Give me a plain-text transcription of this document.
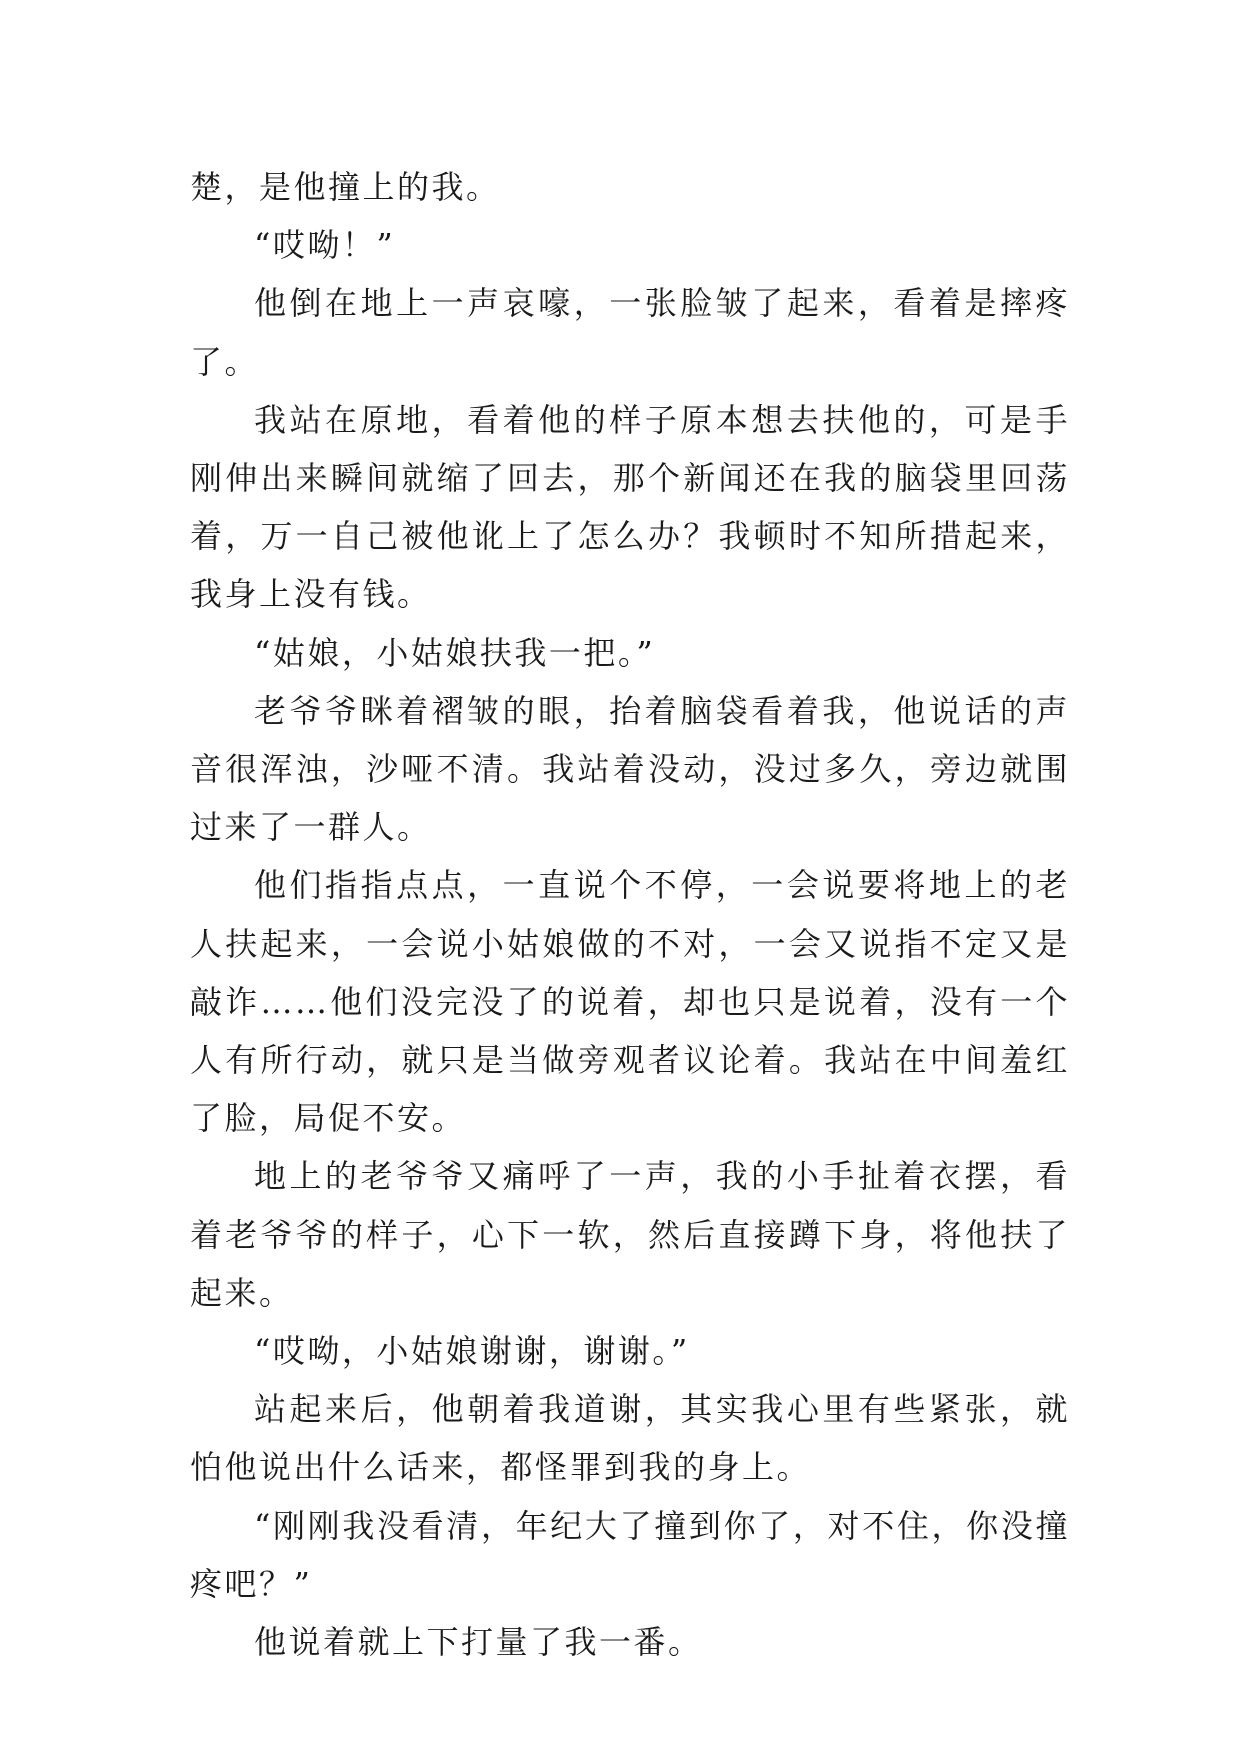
楚，是他撞上的我。

“哎呦！”

他倒在地上一声哀嚎，一张脸皱了起来，看着是摔疼了。

我站在原地，看着他的样子原本想去扶他的，可是手刚伸出来瞬间就缩了回去，那个新闻还在我的脑袋里回荡着，万一自己被他讹上了怎么办？我顿时不知所措起来，我身上没有钱。

“姑娘，小姑娘扶我一把。”

老爷爷眯着褶皱的眼，抬着脑袋看着我，他说话的声音很浑浊，沙哑不清。我站着没动，没过多久，旁边就围过来了一群人。

他们指指点点，一直说个不停，一会说要将地上的老人扶起来，一会说小姑娘做的不对，一会又说指不定又是敲诈……他们没完没了的说着，却也只是说着，没有一个人有所行动，就只是当做旁观者议论着。我站在中间羞红了脸，局促不安。

地上的老爷爷又痛呼了一声，我的小手扯着衣摆，看着老爷爷的样子，心下一软，然后直接蹲下身，将他扶了起来。

“哎呦，小姑娘谢谢，谢谢。”

站起来后，他朝着我道谢，其实我心里有些紧张，就怕他说出什么话来，都怪罪到我的身上。

“刚刚我没看清，年纪大了撞到你了，对不住，你没撞疼吧？”

他说着就上下打量了我一番。
